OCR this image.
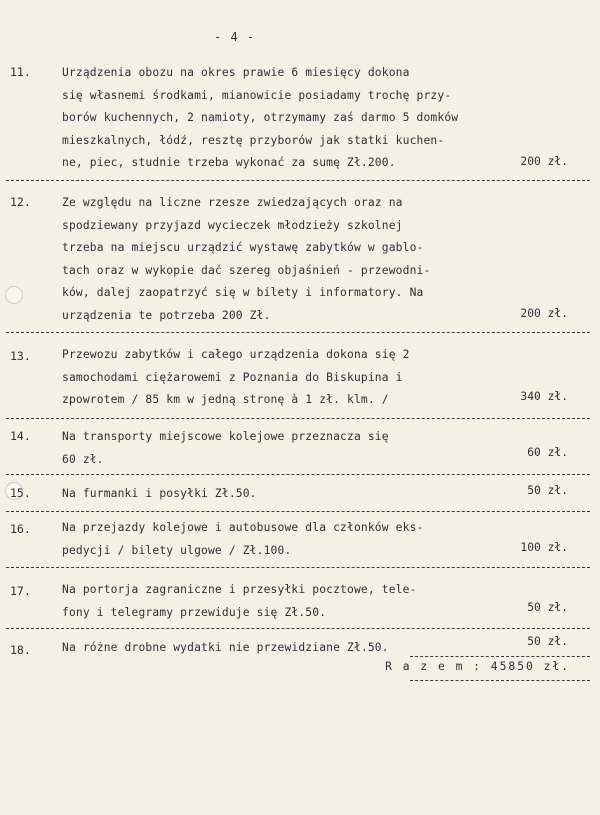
- 4 -
11.	Urządzenia obozu na okres prawie 6 miesięcy dokona
się własnemi środkami, mianowicie posiadamy trochę przy-
borów kuchennych, 2 namioty, otrzymamy zaś darmo 5 domków
mieszkalnych, łódź, resztę przyborów jak statki kuchen-
ne, piec, studnie trzeba wykonać za sumę Zł.200.	200 zł.
12.	Ze względu na liczne rzesze zwiedzających oraz na
spodziewany przyjazd wycieczek młodzieży szkolnej
trzeba na miejscu urządzić wystawę zabytków w gablo-
tach oraz w wykopie dać szereg objaśnień - przewodni-
ków, dalej zaopatrzyć się w bilety i informatory. Na
urządzenia te potrzeba 200 Zł.	200 zł.
13.	Przewozu zabytków i całego urządzenia dokona się 2
samochodami ciężarowemi z Poznania do Biskupina i
zpowrotem / 85 km w jedną stronę à 1 zł. klm. /	340 zł.
14.	Na transporty miejscowe kolejowe przeznacza się
60 zł.	60 zł.
15.	Na furmanki i posyłki Zł.50.	50 zł.
16.	Na przejazdy kolejowe i autobusowe dla członków eks-
pedycji / bilety ulgowe / Zł.100.	100 zł.
17.	Na portorja zagraniczne i przesyłki pocztowe, tele-
fony i telegramy przewiduje się Zł.50.	50 zł.
18.	Na różne drobne wydatki nie przewidziane Zł.50.	50 zł.
R a z e m : 45850 zł.
